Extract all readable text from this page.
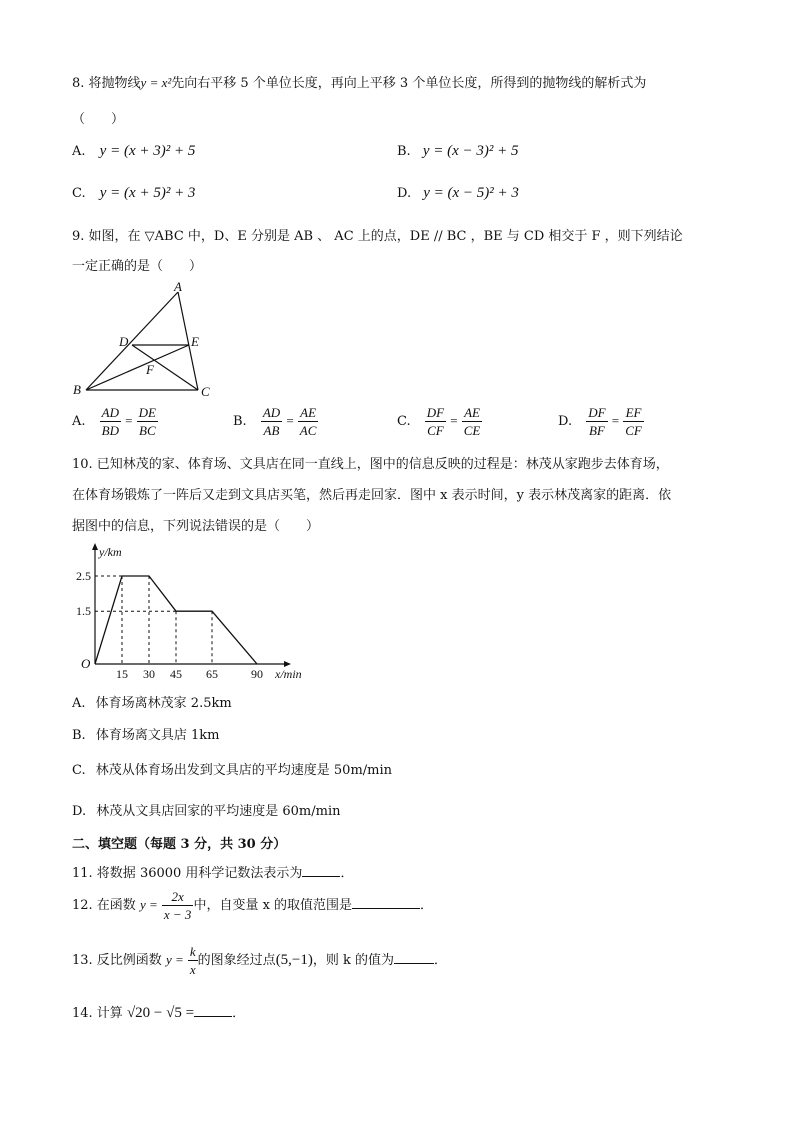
8. 将抛物线y = x²先向右平移 5 个单位长度，再向上平移 3 个单位长度，所得到的抛物线的解析式为
（　　）
A. y = (x + 3)² + 5	B. y = (x − 3)² + 5
C. y = (x + 5)² + 3	D. y = (x − 5)² + 3
9. 如图，在 ▽ABC 中，D、E 分别是 AB 、 AC 上的点，DE // BC ，BE 与 CD 相交于 F ，则下列结论
一定正确的是（　　）
A
B	C
D	E
F
A. $\frac{AD}{BD} = \frac{DE}{BC}$	B. $\frac{AD}{AB} = \frac{AE}{AC}$	C. $\frac{DF}{CF} = \frac{AE}{CE}$	D. $\frac{DF}{BF} = \frac{EF}{CF}$
10. 已知林茂的家、体育场、文具店在同一直线上，图中的信息反映的过程是：林茂从家跑步去体育场，
在体育场锻炼了一阵后又走到文具店买笔，然后再走回家．图中 x 表示时间，y 表示林茂离家的距离．依
据图中的信息，下列说法错误的是（　　）
15 30 45 65	90
1.5
2.5
O
y/km
x/min
A. 体育场离林茂家 2.5km
B. 体育场离文具店 1km
C. 林茂从体育场出发到文具店的平均速度是 50m/min
D. 林茂从文具店回家的平均速度是 60m/min
二、填空题（每题 3 分，共 30 分）
11. 将数据 36000 用科学记数法表示为	．
12. 在函数 $y = \frac{2x}{x - 3}$ 中，自变量 x 的取值范围是	．
13. 反比例函数 $y = \frac{k}{x}$ 的图象经过点(5,−1)，则 k 的值为	．
14. 计算 √20 − √5 =	．
